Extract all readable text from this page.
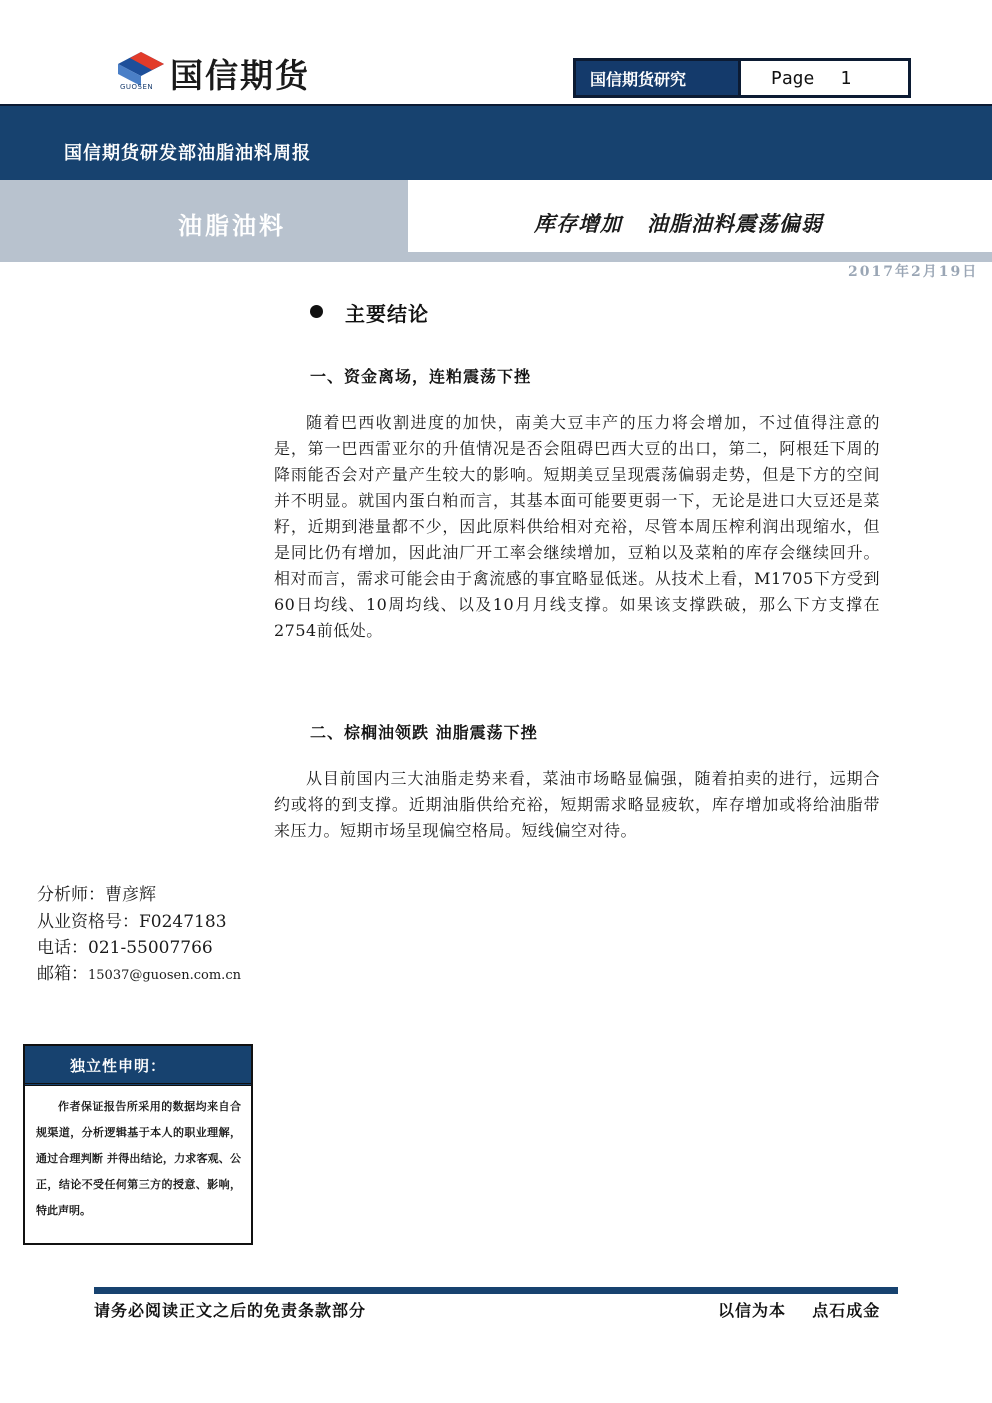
国信期货
GUOSEN	国信期货研究	Page 1
国信期货研发部油脂油料周报
油脂油料	库存增加   油脂油料震荡偏弱
2017年2月19日
主要结论
一、资金离场，连粕震荡下挫
随着巴西收割进度的加快，南美大豆丰产的压力将会增加，不过值得注意的是，第一巴西雷亚尔的升值情况是否会阻碍巴西大豆的出口，第二，阿根廷下周的降雨能否会对产量产生较大的影响。短期美豆呈现震荡偏弱走势，但是下方的空间并不明显。就国内蛋白粕而言，其基本面可能要更弱一下，无论是进口大豆还是菜籽，近期到港量都不少，因此原料供给相对充裕，尽管本周压榨利润出现缩水，但是同比仍有增加，因此油厂开工率会继续增加，豆粕以及菜粕的库存会继续回升。相对而言，需求可能会由于禽流感的事宜略显低迷。从技术上看，M1705下方受到60日均线、10周均线、以及10月月线支撑。如果该支撑跌破，那么下方支撑在2754前低处。
二、棕榈油领跌 油脂震荡下挫
从目前国内三大油脂走势来看，菜油市场略显偏强，随着拍卖的进行，远期合约或将的到支撑。近期油脂供给充裕，短期需求略显疲软，库存增加或将给油脂带来压力。短期市场呈现偏空格局。短线偏空对待。
分析师：曹彦辉
从业资格号：F0247183
电话：021-55007766
邮箱：15037@guosen.com.cn
独立性申明：
作者保证报告所采用的数据均来自合规渠道，分析逻辑基于本人的职业理解，通过合理判断 并得出结论，力求客观、公正，结论不受任何第三方的授意、影响，特此声明。
请务必阅读正文之后的免责条款部分	以信为本    点石成金
